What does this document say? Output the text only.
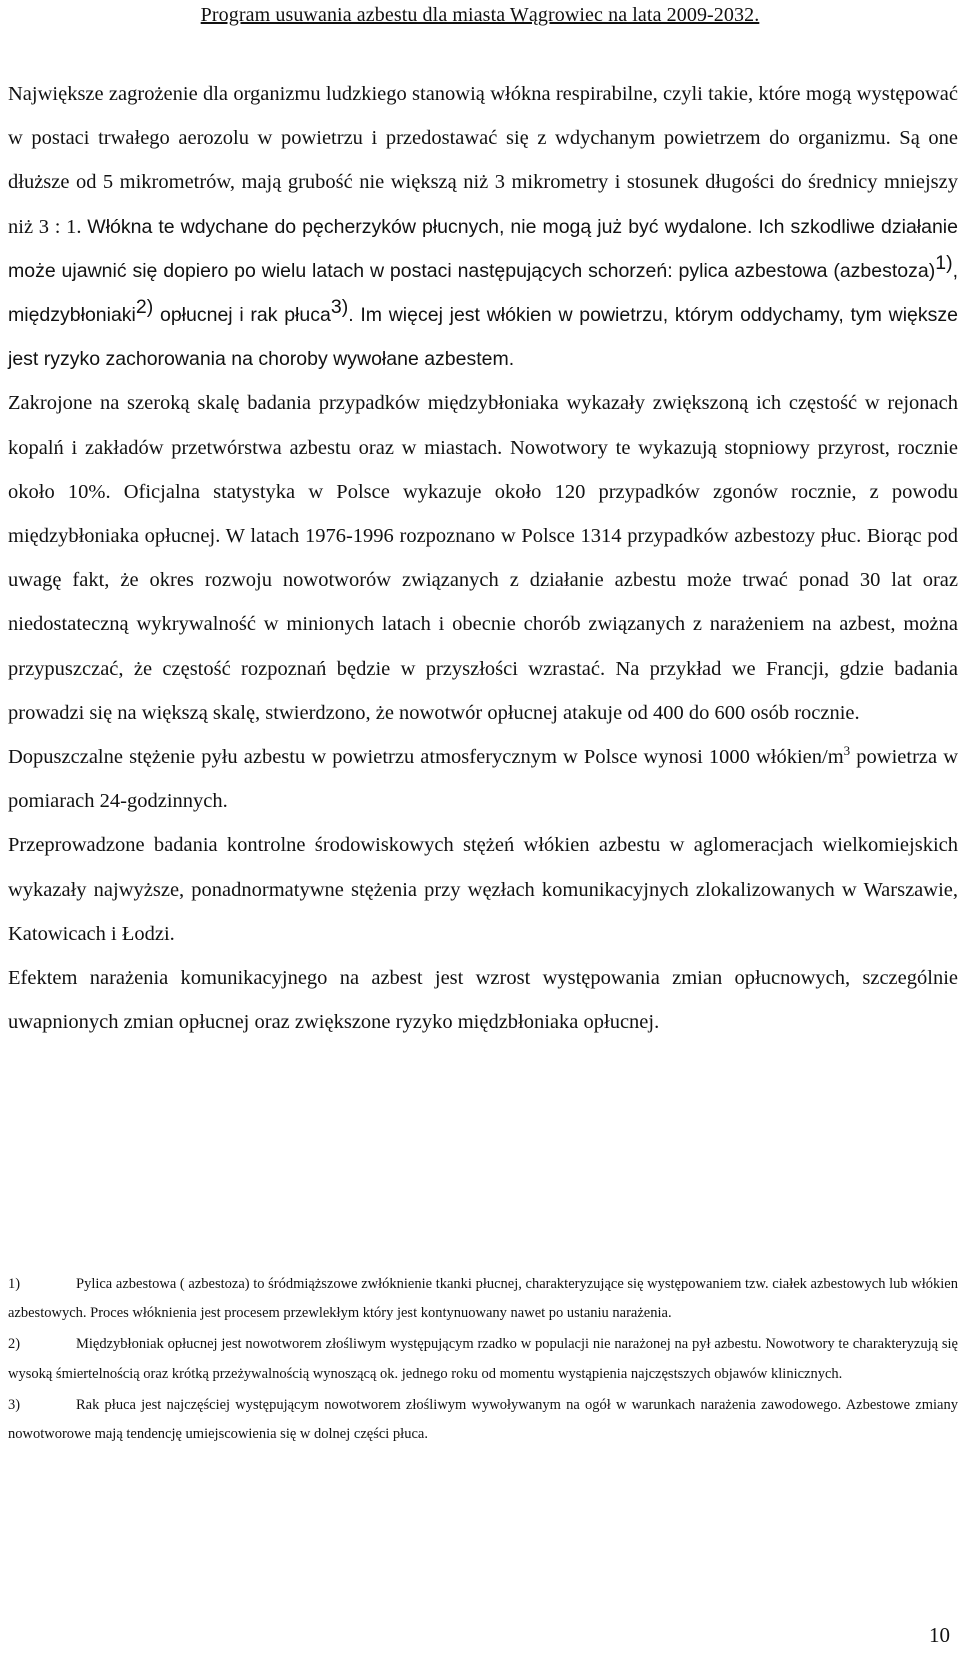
Program usuwania azbestu dla miasta Wągrowiec na lata 2009-2032.

Największe zagrożenie dla organizmu ludzkiego stanowią włókna respirabilne, czyli takie, które mogą występować w postaci trwałego aerozolu w powietrzu i przedostawać się z wdychanym powietrzem do organizmu. Są one dłuższe od 5 mikrometrów, mają grubość nie większą niż 3 mikrometry i stosunek długości do średnicy mniejszy niż 3 : 1. Włókna te wdychane do pęcherzyków płucnych, nie mogą już być wydalone. Ich szkodliwe działanie może ujawnić się dopiero po wielu latach w postaci następujących schorzeń: pylica azbestowa (azbestoza)$^{1)}$, międzybłoniaki$^{2)}$ opłucnej i rak płuca$^{3)}$. Im więcej jest włókien w powietrzu, którym oddychamy, tym większe jest ryzyko zachorowania na choroby wywołane azbestem.

Zakrojone na szeroką skalę badania przypadków międzybłoniaka wykazały zwiększoną ich częstość w rejonach kopalń i zakładów przetwórstwa azbestu oraz w miastach. Nowotwory te wykazują stopniowy przyrost, rocznie około 10%. Oficjalna statystyka w Polsce wykazuje około 120 przypadków zgonów rocznie, z powodu międzybłoniaka opłucnej. W latach 1976-1996 rozpoznano w Polsce 1314 przypadków azbestozy płuc. Biorąc pod uwagę fakt, że okres rozwoju nowotworów związanych z działanie azbestu może trwać ponad 30 lat oraz niedostateczną wykrywalność w minionych latach i obecnie chorób związanych z narażeniem na azbest, można przypuszczać, że częstość rozpoznań będzie w przyszłości wzrastać. Na przykład we Francji, gdzie badania prowadzi się na większą skalę, stwierdzono, że nowotwór opłucnej atakuje od 400 do 600 osób rocznie.

Dopuszczalne stężenie pyłu azbestu w powietrzu atmosferycznym w Polsce wynosi 1000 włókien/$m^3$ powietrza w pomiarach 24-godzinnych.

Przeprowadzone badania kontrolne środowiskowych stężeń włókien azbestu w aglomeracjach wielkomiejskich wykazały najwyższe, ponadnormatywne stężenia przy węzłach komunikacyjnych zlokalizowanych w Warszawie, Katowicach i Łodzi.

Efektem narażenia komunikacyjnego na azbest jest wzrost występowania zmian opłucnowych, szczególnie uwapnionych zmian opłucnej oraz zwiększone ryzyko międzbłoniaka opłucnej.

1)	Pylica azbestowa ( azbestoza) to śródmiąższowe zwłóknienie tkanki płucnej, charakteryzujące się występowaniem tzw. ciałek azbestowych lub włókien azbestowych. Proces włóknienia jest procesem przewlekłym który jest kontynuowany nawet po ustaniu narażenia.

2)	Międzybłoniak opłucnej jest nowotworem złośliwym występującym rzadko w populacji nie narażonej na pył azbestu. Nowotwory te charakteryzują się wysoką śmiertelnością oraz krótką przeżywalnością wynoszącą ok. jednego roku od momentu wystąpienia najczęstszych objawów klinicznych.

3)	Rak płuca jest najczęściej występującym nowotworem złośliwym wywoływanym na ogół w warunkach narażenia zawodowego. Azbestowe zmiany nowotworowe mają tendencję umiejscowienia się w dolnej części płuca.

10
